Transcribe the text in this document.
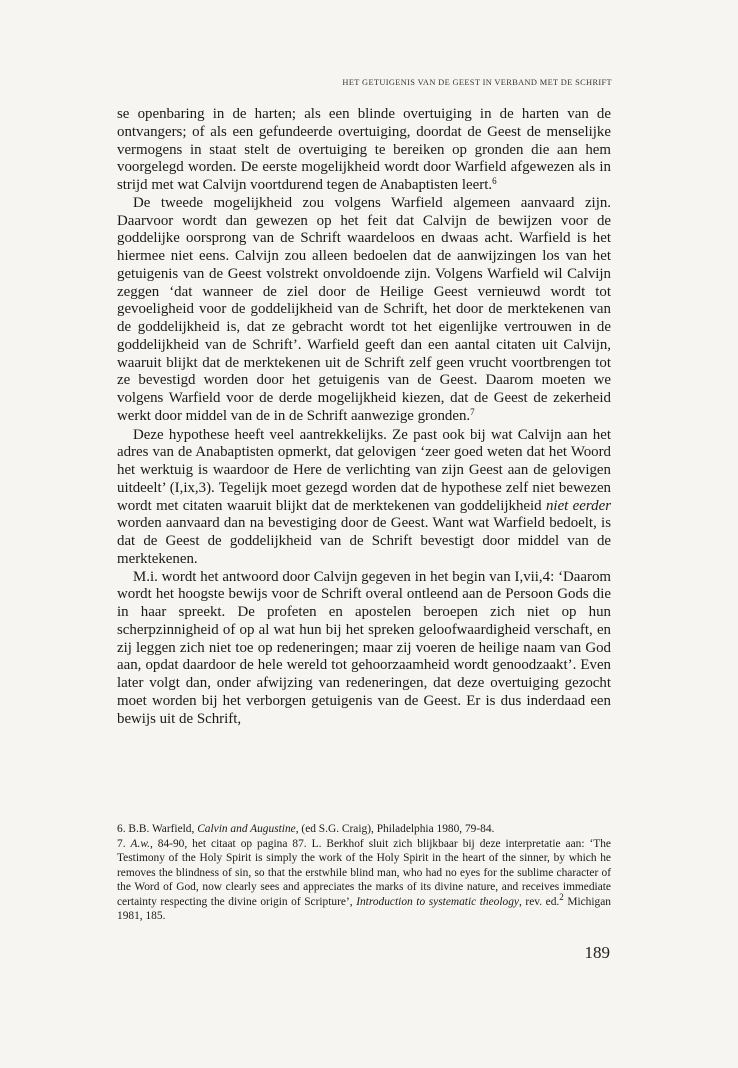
HET GETUIGENIS VAN DE GEEST IN VERBAND MET DE SCHRIFT

se openbaring in de harten; als een blinde overtuiging in de harten van de ontvangers; of als een gefundeerde overtuiging, doordat de Geest de menselijke vermogens in staat stelt de overtuiging te bereiken op gronden die aan hem voorgelegd worden. De eerste mogelijkheid wordt door Warfield afgewezen als in strijd met wat Calvijn voortdurend tegen de Anabaptisten leert.$^6$

De tweede mogelijkheid zou volgens Warfield algemeen aanvaard zijn. Daarvoor wordt dan gewezen op het feit dat Calvijn de bewijzen voor de goddelijke oorsprong van de Schrift waardeloos en dwaas acht. Warfield is het hiermee niet eens. Calvijn zou alleen bedoelen dat de aanwijzingen los van het getuigenis van de Geest volstrekt onvoldoende zijn. Volgens Warfield wil Calvijn zeggen ‘dat wanneer de ziel door de Heilige Geest vernieuwd wordt tot gevoeligheid voor de goddelijkheid van de Schrift, het door de merktekenen van de goddelijkheid is, dat ze gebracht wordt tot het eigenlijke vertrouwen in de goddelijkheid van de Schrift’. Warfield geeft dan een aantal citaten uit Calvijn, waaruit blijkt dat de merktekenen uit de Schrift zelf geen vrucht voortbrengen tot ze bevestigd worden door het getuigenis van de Geest. Daarom moeten we volgens Warfield voor de derde mogelijkheid kiezen, dat de Geest de zekerheid werkt door middel van de in de Schrift aanwezige gronden.$^7$

Deze hypothese heeft veel aantrekkelijks. Ze past ook bij wat Calvijn aan het adres van de Anabaptisten opmerkt, dat gelovigen ‘zeer goed weten dat het Woord het werktuig is waardoor de Here de verlichting van zijn Geest aan de gelovigen uitdeelt’ (I,ix,3). Tegelijk moet gezegd worden dat de hypothese zelf niet bewezen wordt met citaten waaruit blijkt dat de merktekenen van goddelijkheid niet eerder worden aanvaard dan na bevestiging door de Geest. Want wat Warfield bedoelt, is dat de Geest de goddelijkheid van de Schrift bevestigt door middel van de merktekenen.

M.i. wordt het antwoord door Calvijn gegeven in het begin van I,vii,4: ‘Daarom wordt het hoogste bewijs voor de Schrift overal ontleend aan de Persoon Gods die in haar spreekt. De profeten en apostelen beroepen zich niet op hun scherpzinnigheid of op al wat hun bij het spreken geloofwaardigheid verschaft, en zij leggen zich niet toe op redeneringen; maar zij voeren de heilige naam van God aan, opdat daardoor de hele wereld tot gehoorzaamheid wordt genoodzaakt’. Even later volgt dan, onder afwijzing van redeneringen, dat deze overtuiging gezocht moet worden bij het verborgen getuigenis van de Geest. Er is dus inderdaad een bewijs uit de Schrift,

6. B.B. Warfield, Calvin and Augustine, (ed S.G. Craig), Philadelphia 1980, 79-84.

7. A.w., 84-90, het citaat op pagina 87. L. Berkhof sluit zich blijkbaar bij deze interpretatie aan: ‘The Testimony of the Holy Spirit is simply the work of the Holy Spirit in the heart of the sinner, by which he removes the blindness of sin, so that the erstwhile blind man, who had no eyes for the sublime character of the Word of God, now clearly sees and appreciates the marks of its divine nature, and receives immediate certainty respecting the divine origin of Scripture’, Introduction to systematic theology, rev. ed.$^2$ Michigan 1981, 185.

189
